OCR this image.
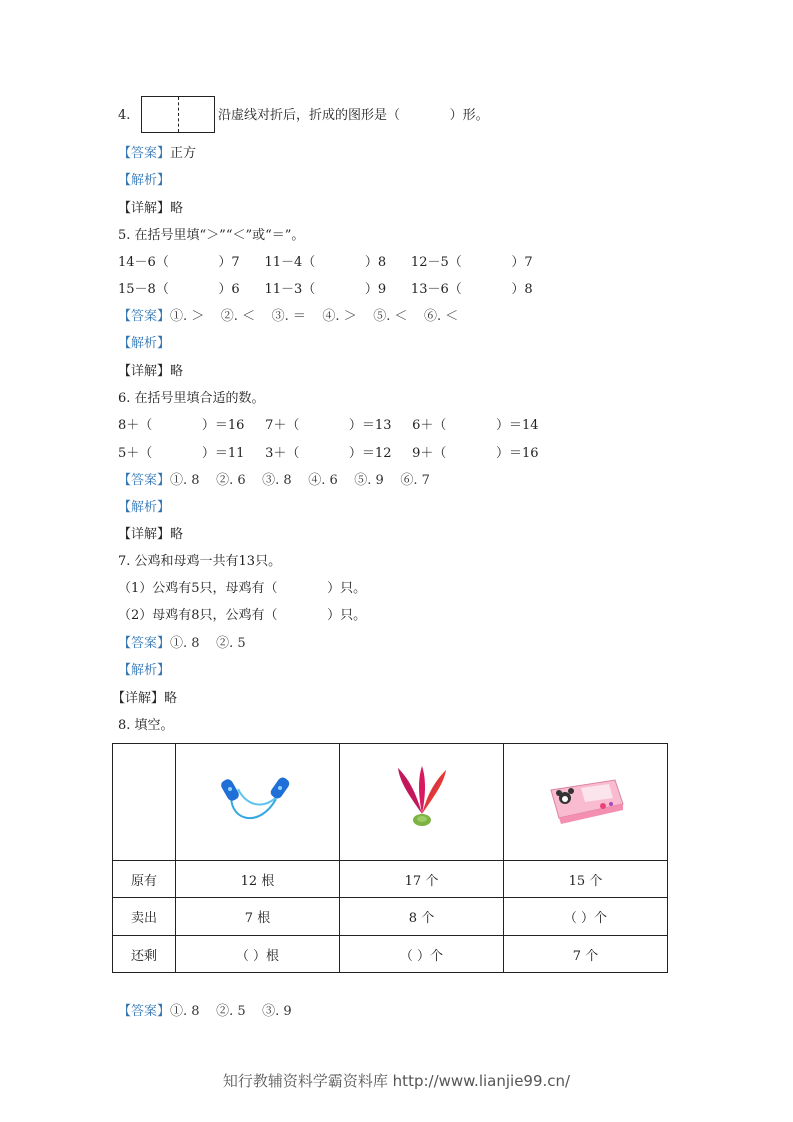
4.	沿虚线对折后，折成的图形是（            ）形。
【答案】正方
【解析】
【详解】略
5. 在括号里填“＞”“＜”或“＝”。
14－6（            ）7      11－4（            ）8      12－5（            ）7
15－8（            ）6      11－3（            ）9      13－6（            ）8
【答案】①. ＞    ②. ＜    ③. ＝    ④. ＞    ⑤. ＜    ⑥. ＜
【解析】
【详解】略
6. 在括号里填合适的数。
8＋（            ）＝16     7＋（            ）＝13     6＋（            ）＝14
5＋（            ）＝11     3＋（            ）＝12     9＋（            ）＝16
【答案】①. 8    ②. 6    ③. 8    ④. 6    ⑤. 9    ⑥. 7
【解析】
【详解】略
7. 公鸡和母鸡一共有13只。
（1）公鸡有5只，母鸡有（            ）只。
（2）母鸡有8只，公鸡有（            ）只。
【答案】①. 8    ②. 5
【解析】
【详解】略
8. 填空。

原有	12 根	17 个	15 个
卖出	7 根	8 个	（ ）个
还剩	（ ）根	（ ）个	7 个
【答案】①. 8    ②. 5    ③. 9
知行教辅资料学霸资料库 http://www.lianjie99.cn/
